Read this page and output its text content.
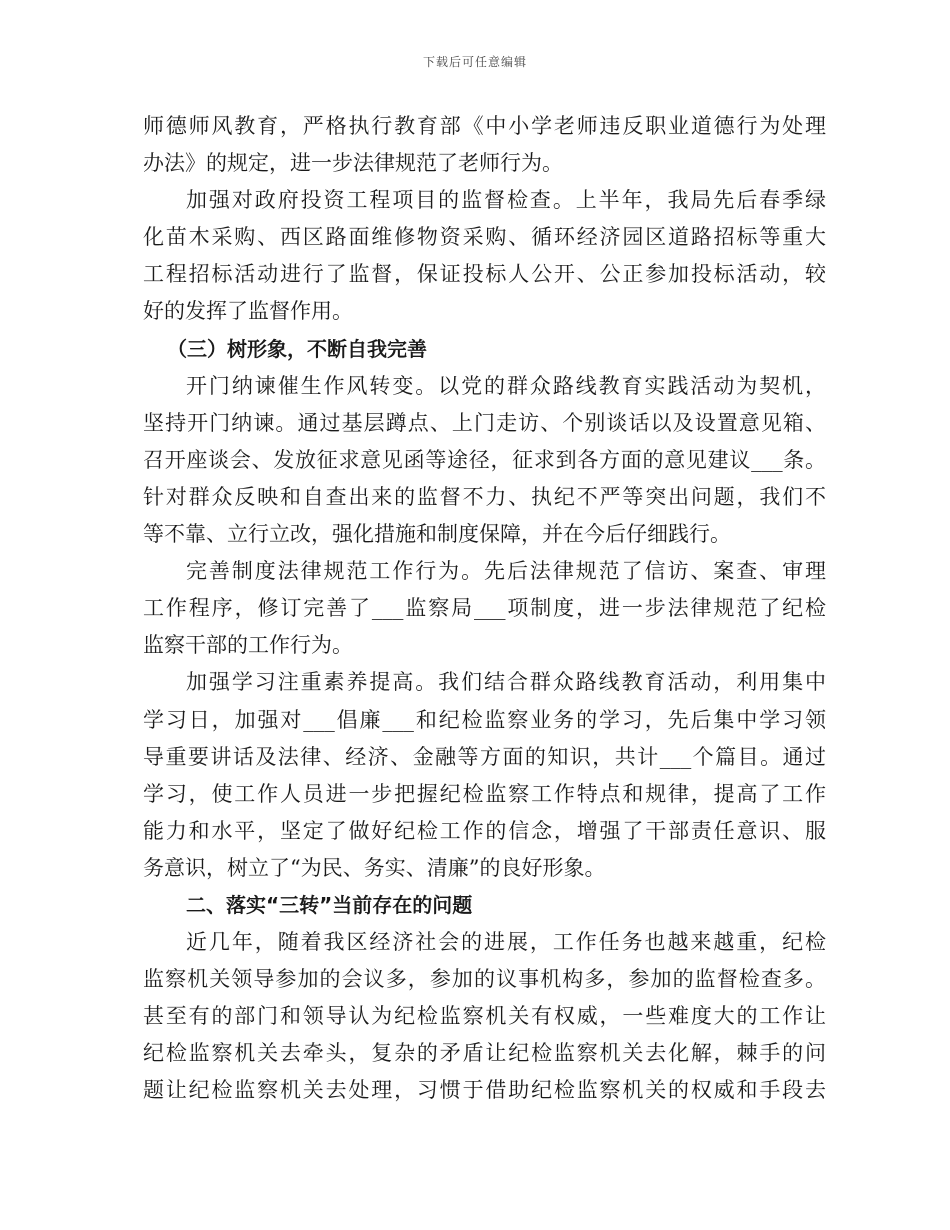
下载后可任意编辑
师德师风教育，严格执行教育部《中小学老师违反职业道德行为处理
办法》的规定，进一步法律规范了老师行为。
加强对政府投资工程项目的监督检查。上半年，我局先后春季绿
化苗木采购、西区路面维修物资采购、循环经济园区道路招标等重大
工程招标活动进行了监督，保证投标人公开、公正参加投标活动，较
好的发挥了监督作用。
（三）树形象，不断自我完善
开门纳谏催生作风转变。以党的群众路线教育实践活动为契机，
坚持开门纳谏。通过基层蹲点、上门走访、个别谈话以及设置意见箱、
召开座谈会、发放征求意见函等途径，征求到各方面的意见建议___条。
针对群众反映和自查出来的监督不力、执纪不严等突出问题，我们不
等不靠、立行立改，强化措施和制度保障，并在今后仔细践行。
完善制度法律规范工作行为。先后法律规范了信访、案查、审理
工作程序，修订完善了___监察局___项制度，进一步法律规范了纪检
监察干部的工作行为。
加强学习注重素养提高。我们结合群众路线教育活动，利用集中
学习日，加强对___倡廉___和纪检监察业务的学习，先后集中学习领
导重要讲话及法律、经济、金融等方面的知识，共计___个篇目。通过
学习，使工作人员进一步把握纪检监察工作特点和规律，提高了工作
能力和水平，坚定了做好纪检工作的信念，增强了干部责任意识、服
务意识，树立了“为民、务实、清廉”的良好形象。
二、落实“三转”当前存在的问题
近几年，随着我区经济社会的进展，工作任务也越来越重，纪检
监察机关领导参加的会议多，参加的议事机构多，参加的监督检查多。
甚至有的部门和领导认为纪检监察机关有权威，一些难度大的工作让
纪检监察机关去牵头，复杂的矛盾让纪检监察机关去化解，棘手的问
题让纪检监察机关去处理，习惯于借助纪检监察机关的权威和手段去
